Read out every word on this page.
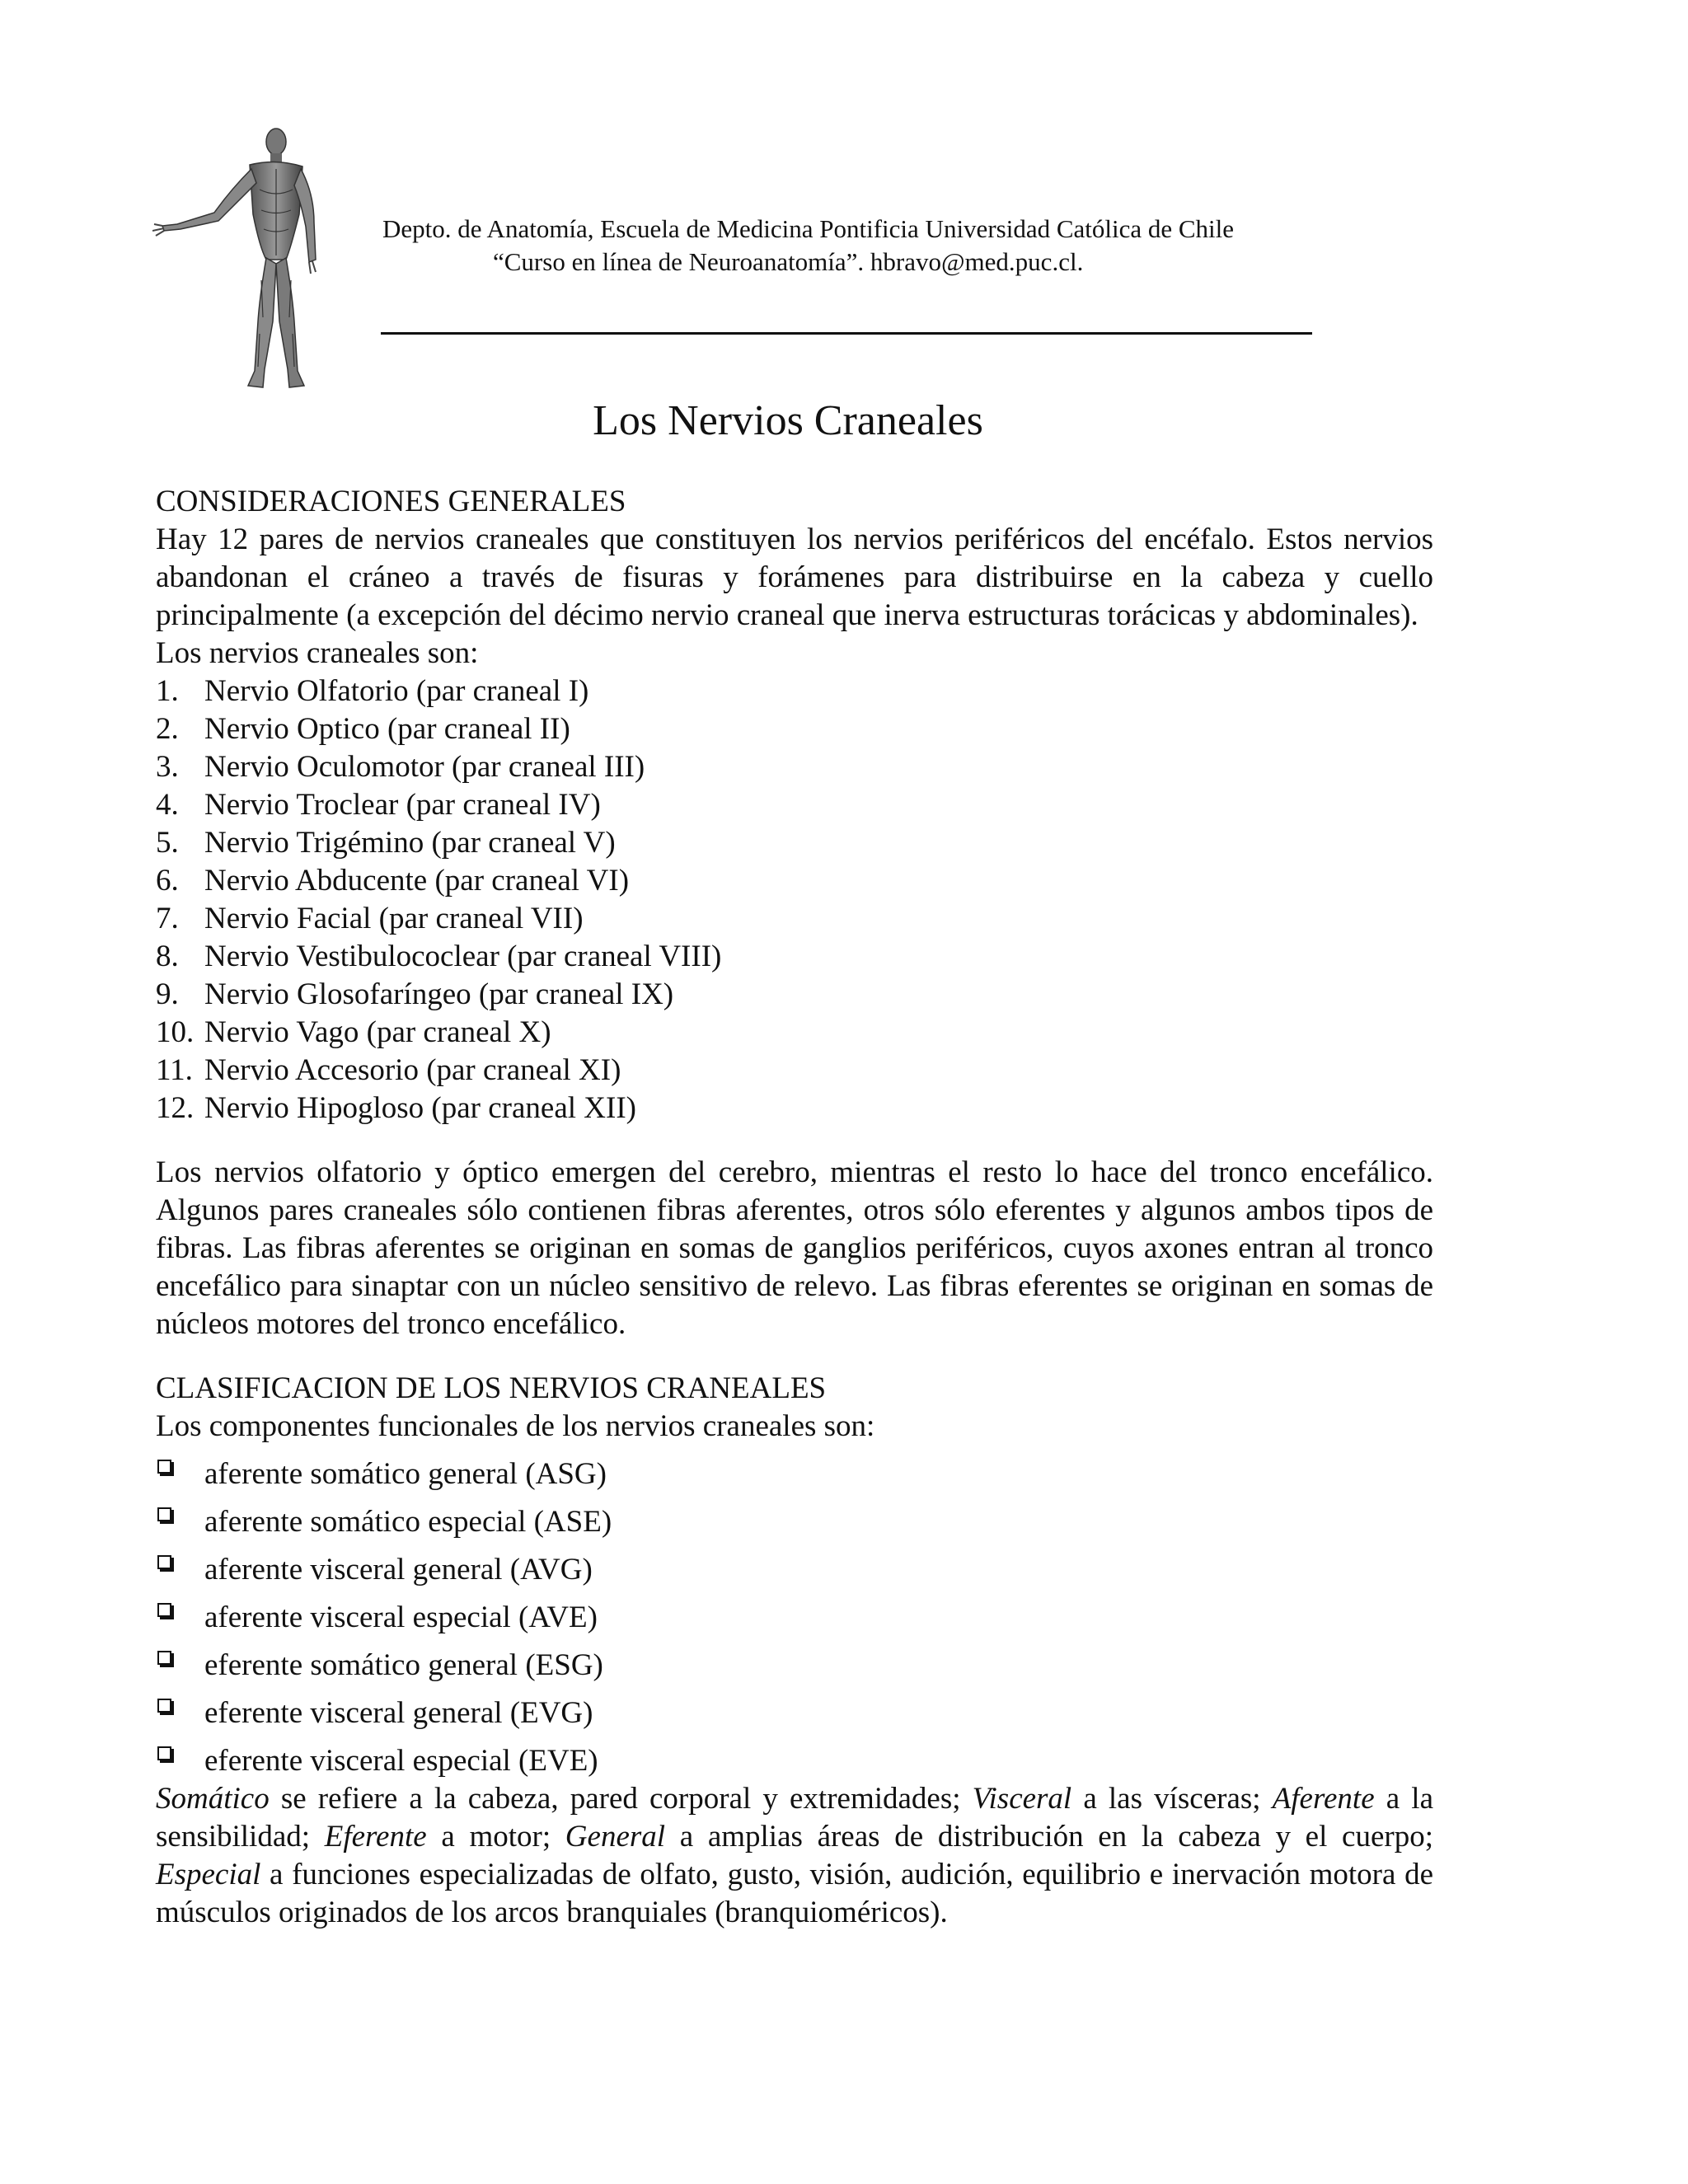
Depto. de Anatomía, Escuela de Medicina Pontificia Universidad Católica de Chile
“Curso en línea de Neuroanatomía”. hbravo@med.puc.cl.
Los Nervios Craneales
CONSIDERACIONES GENERALES

Hay 12 pares de nervios craneales que constituyen los nervios periféricos del encéfalo. Estos nervios abandonan el cráneo a través de fisuras y forámenes para distribuirse en la cabeza y cuello principalmente (a excepción del décimo nervio craneal que inerva estructuras torácicas y abdominales).

Los nervios craneales son:
1. Nervio Olfatorio (par craneal I)
2. Nervio Optico (par craneal II)
3. Nervio Oculomotor (par craneal III)
4. Nervio Troclear (par craneal IV)
5. Nervio Trigémino (par craneal V)
6. Nervio Abducente (par craneal VI)
7. Nervio Facial (par craneal VII)
8. Nervio Vestibulococlear (par craneal VIII)
9. Nervio Glosofaríngeo (par craneal IX)
10. Nervio Vago (par craneal X)
11. Nervio Accesorio (par craneal XI)
12. Nervio Hipogloso (par craneal XII)

Los nervios olfatorio y óptico emergen del cerebro, mientras el resto lo hace del tronco encefálico. Algunos pares craneales sólo contienen fibras aferentes, otros sólo eferentes y algunos ambos tipos de fibras. Las fibras aferentes se originan en somas de ganglios periféricos, cuyos axones entran al tronco encefálico para sinaptar con un núcleo sensitivo de relevo. Las fibras eferentes se originan en somas de núcleos motores del tronco encefálico.

CLASIFICACION DE LOS NERVIOS CRANEALES
Los componentes funcionales de los nervios craneales son:
aferente somático general (ASG)
aferente somático especial (ASE)
aferente visceral general (AVG)
aferente visceral especial (AVE)
eferente somático general (ESG)
eferente visceral general (EVG)
eferente visceral especial (EVE)

Somático se refiere a la cabeza, pared corporal y extremidades; Visceral a las vísceras; Aferente a la sensibilidad; Eferente a motor; General a amplias áreas de distribución en la cabeza y el cuerpo; Especial a funciones especializadas de olfato, gusto, visión, audición, equilibrio e inervación motora de músculos originados de los arcos branquiales (branquioméricos).
